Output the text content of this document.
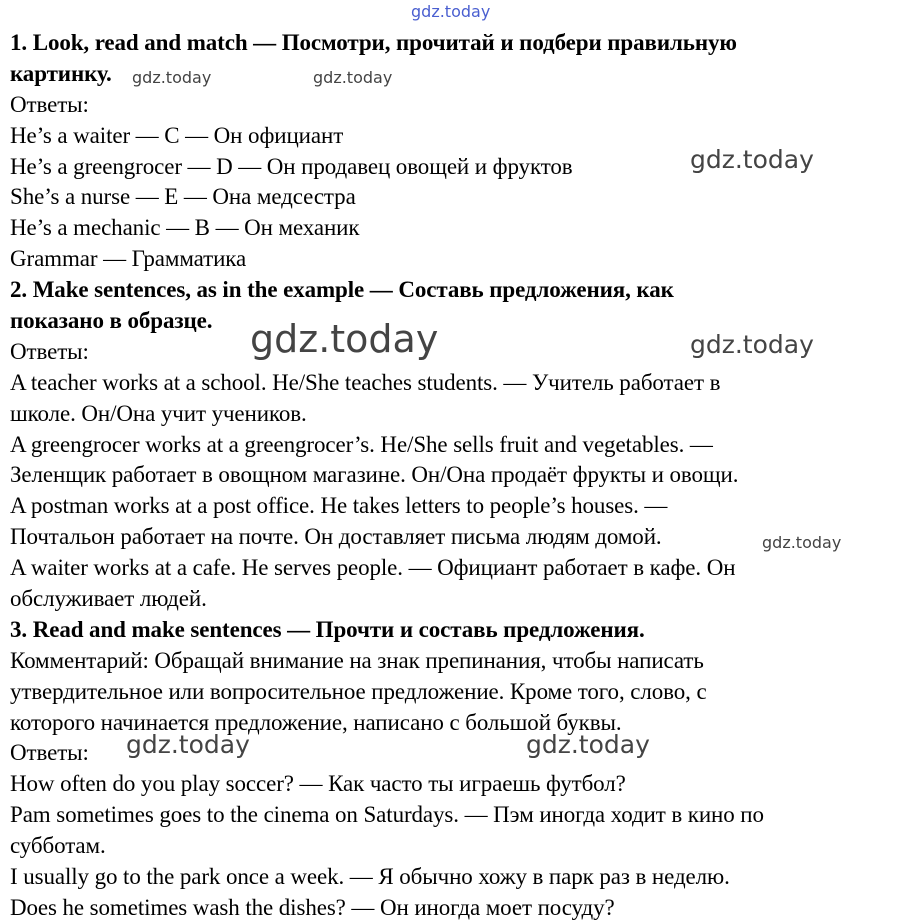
1. Look, read and match — Посмотри, прочитай и подбери правильную
картинку.
Ответы:
He’s a waiter — C — Он официант
He’s a greengrocer — D — Он продавец овощей и фруктов
She’s a nurse — E — Она медсестра
He’s a mechanic — B — Он механик
Grammar — Грамматика
2. Make sentences, as in the example — Составь предложения, как
показано в образце.
Ответы:
A teacher works at a school. He/She teaches students. — Учитель работает в
школе. Он/Она учит учеников.
A greengrocer works at a greengrocer’s. He/She sells fruit and vegetables. —
Зеленщик работает в овощном магазине. Он/Она продаёт фрукты и овощи.
A postman works at a post office. He takes letters to people’s houses. —
Почтальон работает на почте. Он доставляет письма людям домой.
A waiter works at a cafe. He serves people. — Официант работает в кафе. Он
обслуживает людей.
3. Read and make sentences — Прочти и составь предложения.
Комментарий: Обращай внимание на знак препинания, чтобы написать
утвердительное или вопросительное предложение. Кроме того, слово, с
которого начинается предложение, написано с большой буквы.
Ответы:
How often do you play soccer? — Как часто ты играешь футбол?
Pam sometimes goes to the cinema on Saturdays. — Пэм иногда ходит в кино по
субботам.
I usually go to the park once a week. — Я обычно хожу в парк раз в неделю.
Does he sometimes wash the dishes? — Он иногда моет посуду?
gdz.today
gdz.today	gdz.today
gdz.today
gdz.today	gdz.today
gdz.today
gdz.today	gdz.today
